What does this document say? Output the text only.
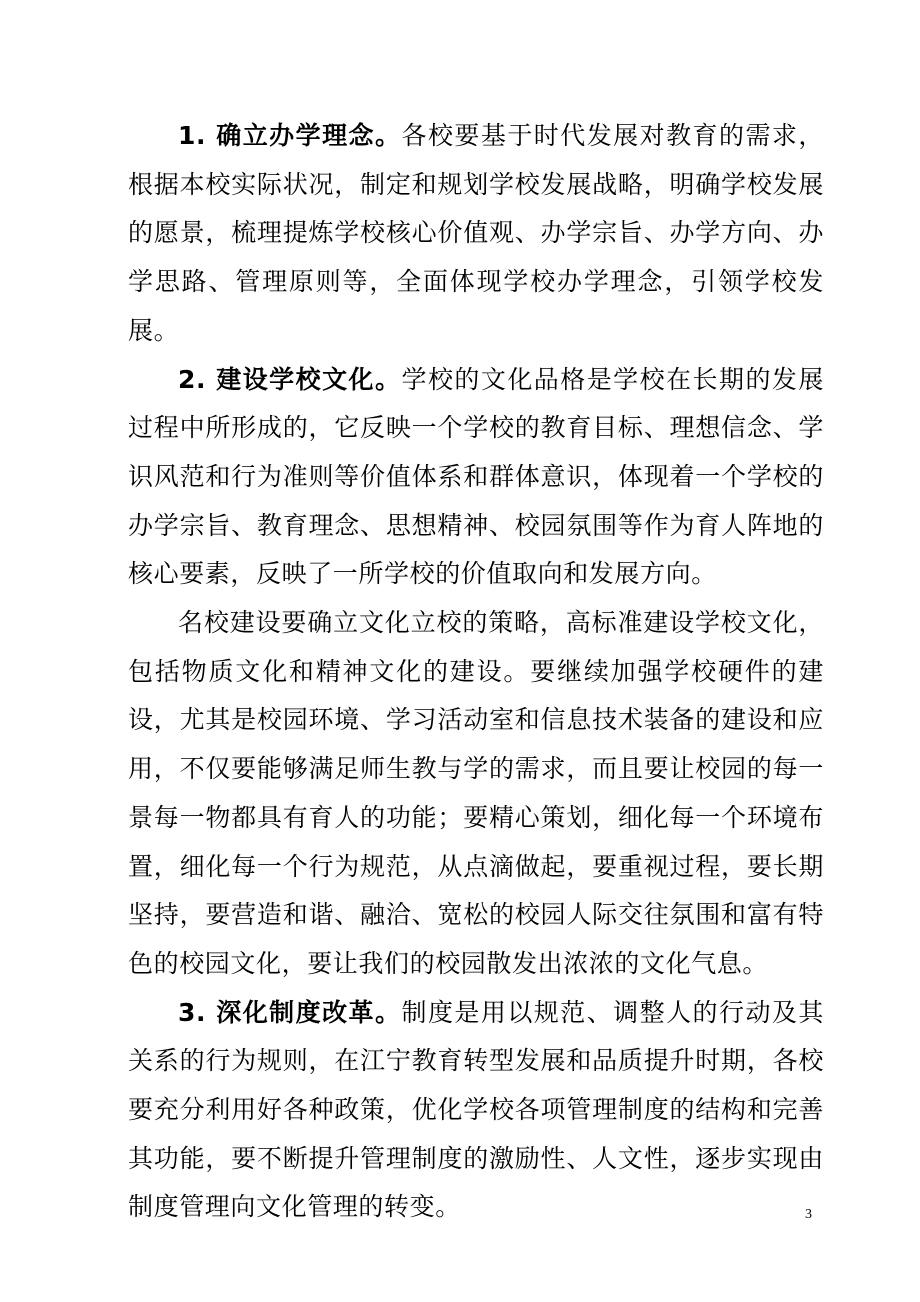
1. 确立办学理念。各校要基于时代发展对教育的需求，根据本校实际状况，制定和规划学校发展战略，明确学校发展的愿景，梳理提炼学校核心价值观、办学宗旨、办学方向、办学思路、管理原则等，全面体现学校办学理念，引领学校发展。

2. 建设学校文化。学校的文化品格是学校在长期的发展过程中所形成的，它反映一个学校的教育目标、理想信念、学识风范和行为准则等价值体系和群体意识，体现着一个学校的办学宗旨、教育理念、思想精神、校园氛围等作为育人阵地的核心要素，反映了一所学校的价值取向和发展方向。

名校建设要确立文化立校的策略，高标准建设学校文化，包括物质文化和精神文化的建设。要继续加强学校硬件的建设，尤其是校园环境、学习活动室和信息技术装备的建设和应用，不仅要能够满足师生教与学的需求，而且要让校园的每一景每一物都具有育人的功能；要精心策划，细化每一个环境布置，细化每一个行为规范，从点滴做起，要重视过程，要长期坚持，要营造和谐、融洽、宽松的校园人际交往氛围和富有特色的校园文化，要让我们的校园散发出浓浓的文化气息。

3. 深化制度改革。制度是用以规范、调整人的行动及其关系的行为规则，在江宁教育转型发展和品质提升时期，各校要充分利用好各种政策，优化学校各项管理制度的结构和完善其功能，要不断提升管理制度的激励性、人文性，逐步实现由制度管理向文化管理的转变。	3
